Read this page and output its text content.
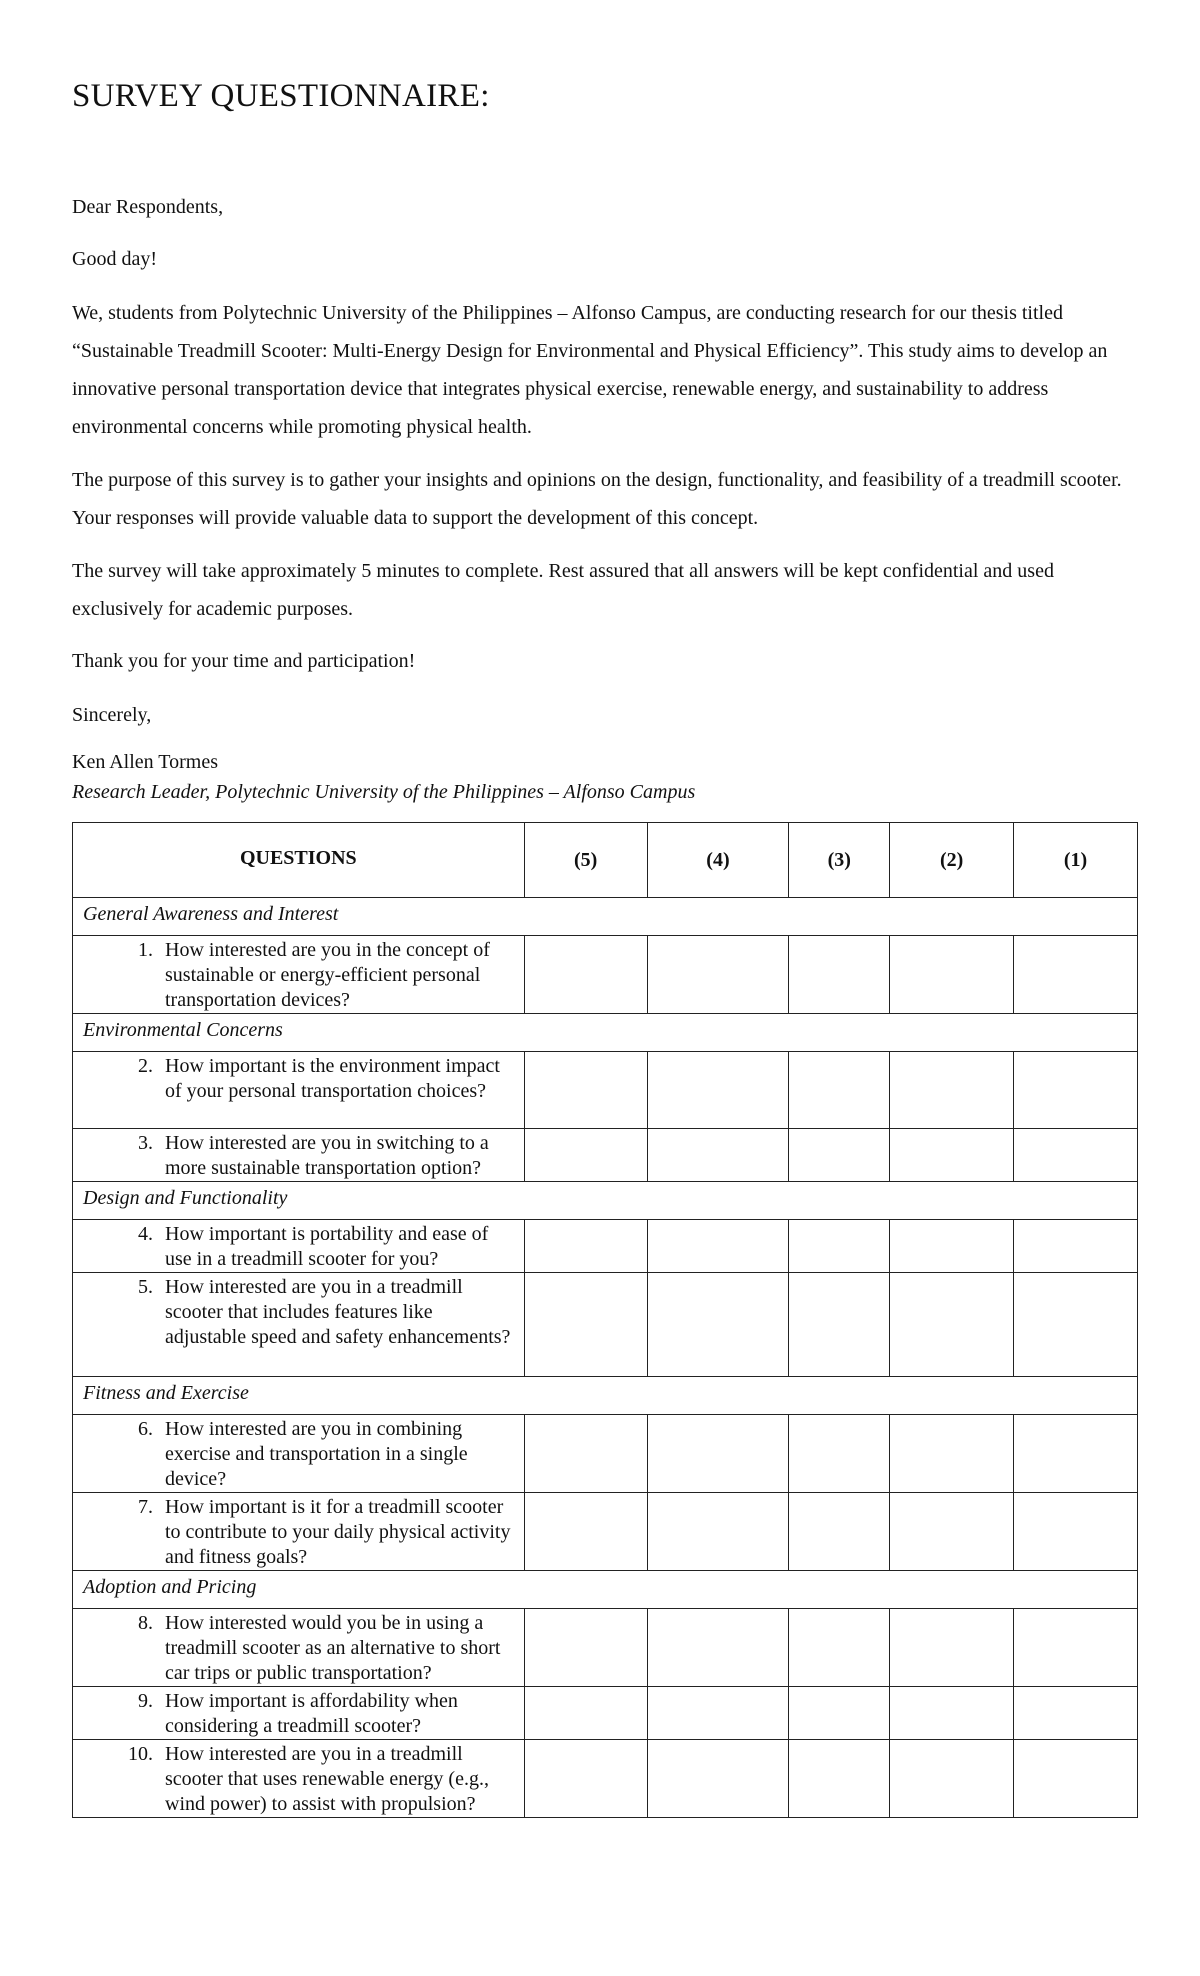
SURVEY QUESTIONNAIRE:

Dear Respondents,

Good day!

We, students from Polytechnic University of the Philippines – Alfonso Campus, are conducting research for our thesis titled “Sustainable Treadmill Scooter: Multi-Energy Design for Environmental and Physical Efficiency”. This study aims to develop an innovative personal transportation device that integrates physical exercise, renewable energy, and sustainability to address environmental concerns while promoting physical health.

The purpose of this survey is to gather your insights and opinions on the design, functionality, and feasibility of a treadmill scooter. Your responses will provide valuable data to support the development of this concept.

The survey will take approximately 5 minutes to complete. Rest assured that all answers will be kept confidential and used exclusively for academic purposes.

Thank you for your time and participation!

Sincerely,

Ken Allen Tormes

Research Leader, Polytechnic University of the Philippines – Alfonso Campus

QUESTIONS	(5)	(4)	(3)	(2)	(1)
General Awareness and Interest					

1. How interested are you in the concept of sustainable or energy-efficient personal transportation devices?					

Environmental Concerns					

2. How important is the environment impact of your personal transportation choices?					

3. How interested are you in switching to a more sustainable transportation option?					

Design and Functionality					

4. How important is portability and ease of use in a treadmill scooter for you?					

5. How interested are you in a treadmill scooter that includes features like adjustable speed and safety enhancements?					

Fitness and Exercise					

6. How interested are you in combining exercise and transportation in a single device?					

7. How important is it for a treadmill scooter to contribute to your daily physical activity and fitness goals?					

Adoption and Pricing					

8. How interested would you be in using a treadmill scooter as an alternative to short car trips or public transportation?					

9. How important is affordability when considering a treadmill scooter?					

10. How interested are you in a treadmill scooter that uses renewable energy (e.g., wind power) to assist with propulsion?					
